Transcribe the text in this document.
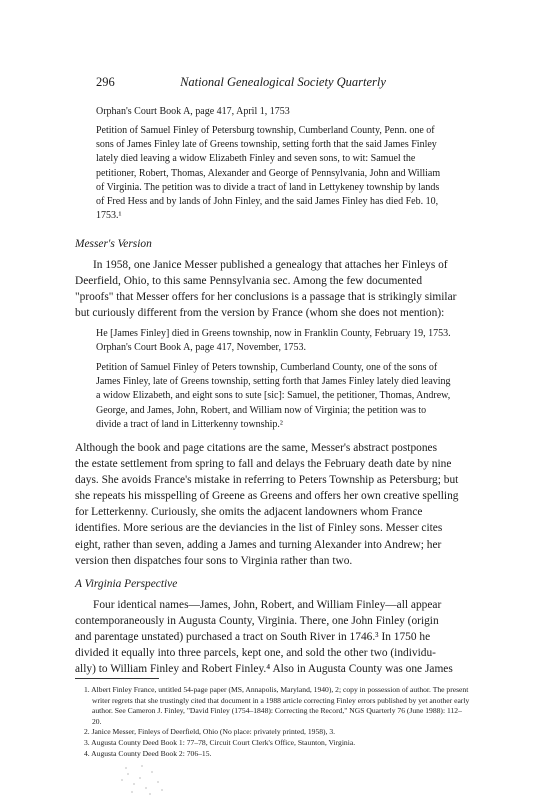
296	National Genealogical Society Quarterly
Orphan's Court Book A, page 417, April 1, 1753
Petition of Samuel Finley of Petersburg township, Cumberland County, Penn. one of
sons of James Finley late of Greens township, setting forth that the said James Finley
lately died leaving a widow Elizabeth Finley and seven sons, to wit: Samuel the
petitioner, Robert, Thomas, Alexander and George of Pennsylvania, John and William
of Virginia. The petition was to divide a tract of land in Lettykeney township by lands
of Fred Hess and by lands of John Finley, and the said James Finley has died Feb. 10,
1753.¹
Messer's Version
In 1958, one Janice Messer published a genealogy that attaches her Finleys of
Deerfield, Ohio, to this same Pennsylvania sec. Among the few documented
"proofs" that Messer offers for her conclusions is a passage that is strikingly similar
but curiously different from the version by France (whom she does not mention):
He [James Finley] died in Greens township, now in Franklin County, February 19, 1753.
Orphan's Court Book A, page 417, November, 1753.
Petition of Samuel Finley of Peters township, Cumberland County, one of the sons of
James Finley, late of Greens township, setting forth that James Finley lately died leaving
a widow Elizabeth, and eight sons to sute [sic]: Samuel, the petitioner, Thomas, Andrew,
George, and James, John, Robert, and William now of Virginia; the petition was to
divide a tract of land in Litterkenny township.²
Although the book and page citations are the same, Messer's abstract postpones
the estate settlement from spring to fall and delays the February death date by nine
days. She avoids France's mistake in referring to Peters Township as Petersburg; but
she repeats his misspelling of Greene as Greens and offers her own creative spelling
for Letterkenny. Curiously, she omits the adjacent landowners whom France
identifies. More serious are the deviancies in the list of Finley sons. Messer cites
eight, rather than seven, adding a James and turning Alexander into Andrew; her
version then dispatches four sons to Virginia rather than two.
A Virginia Perspective
Four identical names—James, John, Robert, and William Finley—all appear
contemporaneously in Augusta County, Virginia. There, one John Finley (origin
and parentage unstated) purchased a tract on South River in 1746.³ In 1750 he
divided it equally into three parcels, kept one, and sold the other two (individu-
ally) to William Finley and Robert Finley.⁴ Also in Augusta County was one James
1. Albert Finley France, untitled 54-page paper (MS, Annapolis, Maryland, 1940), 2; copy in possession of author. The present writer regrets that she trustingly cited that document in a 1988 article correcting Finley errors published by yet another early author. See Cameron J. Finley, "David Finley (1754–1848): Correcting the Record," NGS Quarterly 76 (June 1988): 112–20.
2. Janice Messer, Finleys of Deerfield, Ohio (No place: privately printed, 1958), 3.
3. Augusta County Deed Book 1: 77–78, Circuit Court Clerk's Office, Staunton, Virginia.
4. Augusta County Deed Book 2: 706–15.
